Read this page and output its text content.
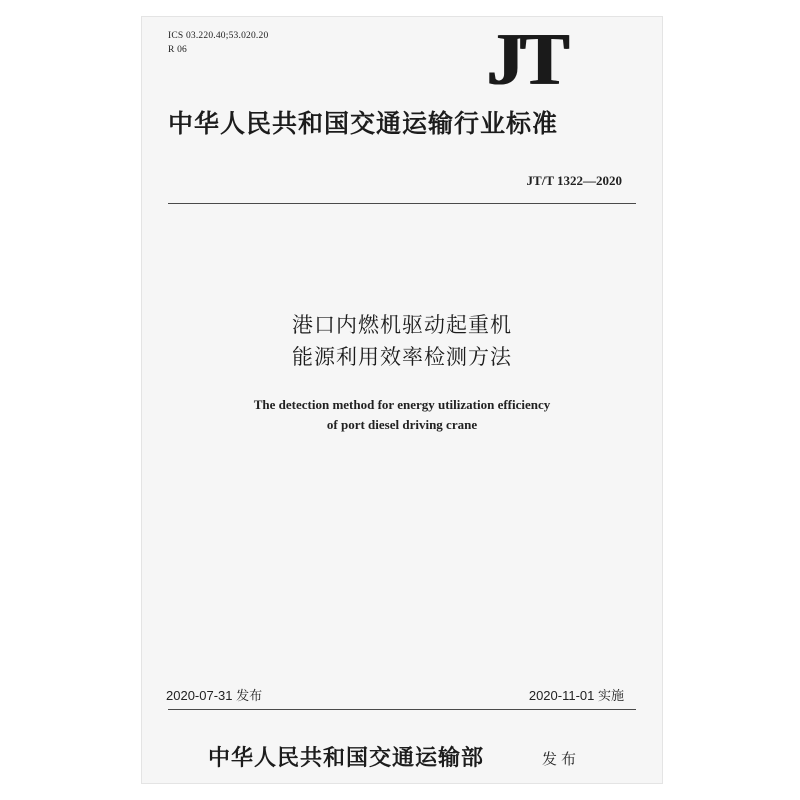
ICS 03.220.40;53.020.20
R 06	JT
中华人民共和国交通运输行业标准
JT/T 1322—2020
港口内燃机驱动起重机
能源利用效率检测方法
The detection method for energy utilization efficiency
of port diesel driving crane
2020-07-31 发布	2020-11-01 实施
中华人民共和国交通运输部	发布
